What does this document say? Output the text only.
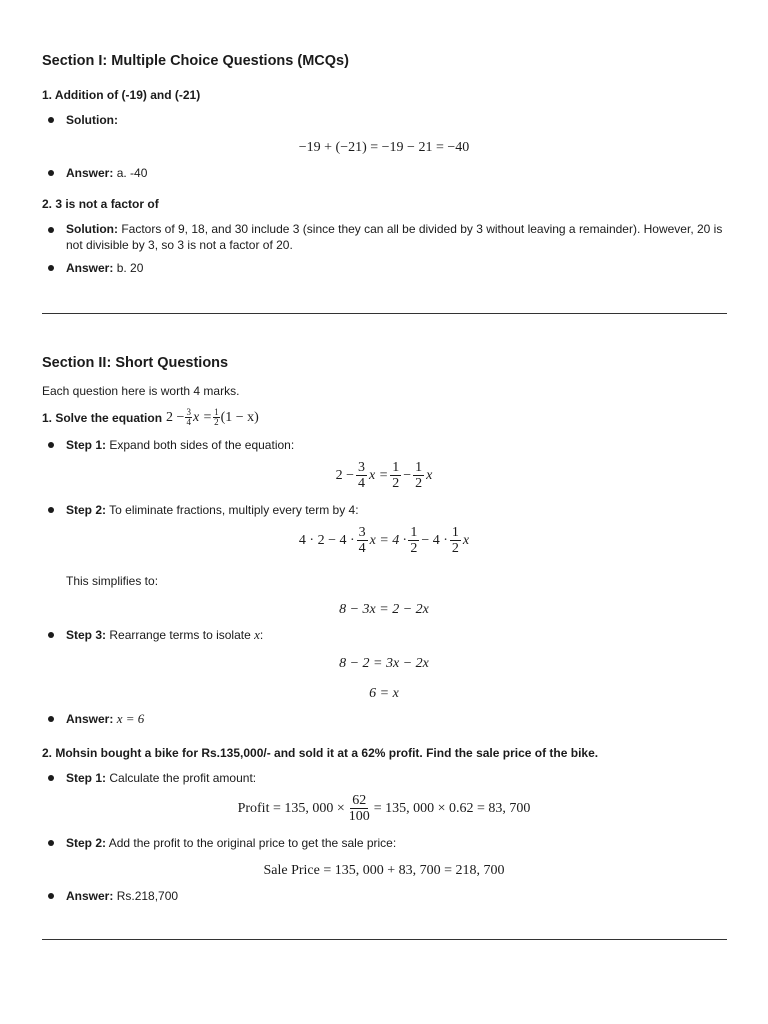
Section I: Multiple Choice Questions (MCQs)
1. Addition of (-19) and (-21)
Solution:
−19 + (−21) = −19 − 21 = −40
Answer: a. -40
2. 3 is not a factor of
Solution: Factors of 9, 18, and 30 include 3 (since they can all be divided by 3 without leaving a remainder). However, 20 is
not divisible by 3, so 3 is not a factor of 20.
Answer: b. 20
Section II: Short Questions
Each question here is worth 4 marks.
1. Solve the equation $2 - \frac{3}{4}$ $x = \frac{1}{2} (1 - x)$
Step 1: Expand both sides of the equation:
$2 - \frac{3}{4}$ $x = \frac{1}{2} - \frac{1}{2}$ x
Step 2: To eliminate fractions, multiply every term by 4:
$4 \cdot 2 - 4 \cdot \frac{3}{4}$ $x = 4 \cdot \frac{1}{2} - 4 \cdot \frac{1}{2}$ x
This simplifies to:
8 − 3x = 2 − 2x
Step 3: Rearrange terms to isolate x:
8 − 2 = 3x − 2x
6 = x
Answer: x = 6
2. Mohsin bought a bike for Rs.135,000/- and sold it at a 62% profit. Find the sale price of the bike.
Step 1: Calculate the profit amount:
Profit = 135, $000 \times \frac{62}{100} = 135$, 000 × 0.62 = 83, 700
Step 2: Add the profit to the original price to get the sale price:
Sale Price = 135, 000 + 83, 700 = 218, 700
Answer: Rs.218,700
